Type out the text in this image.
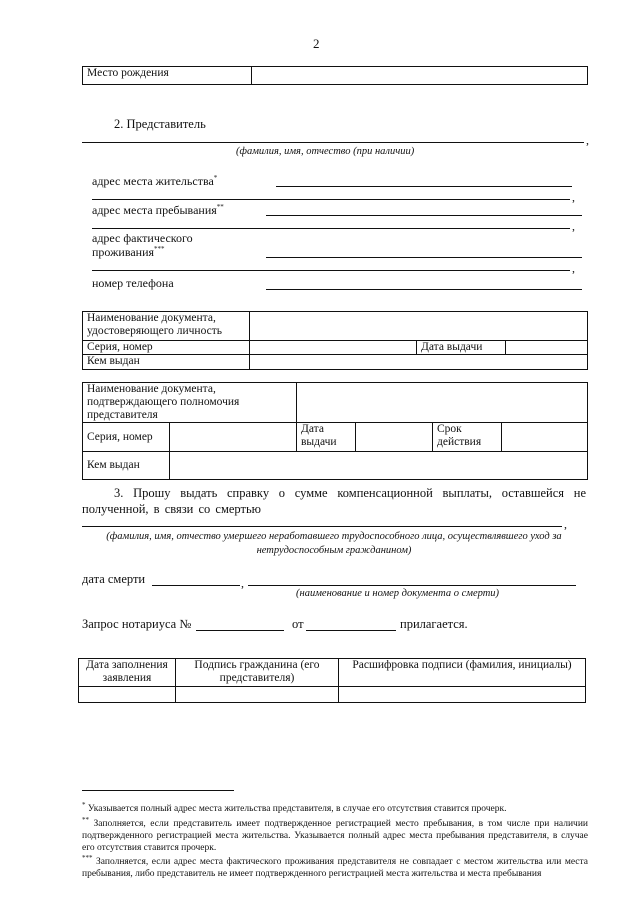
2
Место рождения	
2. Представитель
,
(фамилия, имя, отчество (при наличии)
адрес места жительства*
,
адрес места пребывания**
,
адрес фактического
проживания***
,
номер телефона
Наименование документа, удостоверяющего личность			
Серия, номер		Дата выдачи	
Кем выдан			
Наименование документа, подтверждающего полномочия представителя					
Серия, номер		Дата выдачи		Срок действия	
Кем выдан					
3. Прошу выдать справку о сумме компенсационной выплаты, оставшейся не полученной, в связи со смертью
,
(фамилия, имя, отчество умершего неработавшего трудоспособного лица, осуществлявшего уход за нетрудоспособным гражданином)
дата смерти	,
(наименование и номер документа о смерти)
Запрос нотариуса №	от	прилагается.
Дата заполнения заявления	Подпись гражданина (его представителя)	Расшифровка подписи (фамилия, инициалы)

* Указывается полный адрес места жительства представителя, в случае его отсутствия ставится прочерк.
** Заполняется, если представитель имеет подтвержденное регистрацией место пребывания, в том числе при наличии подтвержденного регистрацией места жительства. Указывается полный адрес места пребывания представителя, в случае его отсутствия ставится прочерк.
*** Заполняется, если адрес места фактического проживания представителя не совпадает с местом жительства или места пребывания, либо представитель не имеет подтвержденного регистрацией места жительства и места пребывания
